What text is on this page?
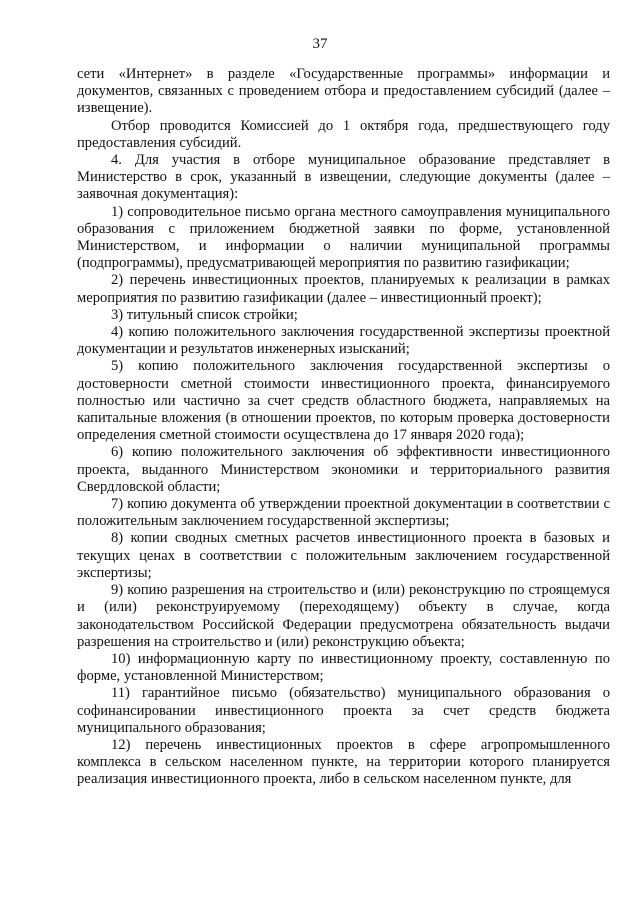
37

сети «Интернет» в разделе «Государственные программы» информации и документов, связанных с проведением отбора и предоставлением субсидий (далее – извещение).

Отбор проводится Комиссией до 1 октября года, предшествующего году предоставления субсидий.

4. Для участия в отборе муниципальное образование представляет в Министерство в срок, указанный в извещении, следующие документы (далее – заявочная документация):

1) сопроводительное письмо органа местного самоуправления муниципального образования с приложением бюджетной заявки по форме, установленной Министерством, и информации о наличии муниципальной программы (подпрограммы), предусматривающей мероприятия по развитию газификации;

2) перечень инвестиционных проектов, планируемых к реализации в рамках мероприятия по развитию газификации (далее – инвестиционный проект);

3) титульный список стройки;

4) копию положительного заключения государственной экспертизы проектной документации и результатов инженерных изысканий;

5) копию положительного заключения государственной экспертизы о достоверности сметной стоимости инвестиционного проекта, финансируемого полностью или частично за счет средств областного бюджета, направляемых на капитальные вложения (в отношении проектов, по которым проверка достоверности определения сметной стоимости осуществлена до 17 января 2020 года);

6) копию положительного заключения об эффективности инвестиционного проекта, выданного Министерством экономики и территориального развития Свердловской области;

7) копию документа об утверждении проектной документации в соответствии с положительным заключением государственной экспертизы;

8) копии сводных сметных расчетов инвестиционного проекта в базовых и текущих ценах в соответствии с положительным заключением государственной экспертизы;

9) копию разрешения на строительство и (или) реконструкцию по строящемуся и (или) реконструируемому (переходящему) объекту в случае, когда законодательством Российской Федерации предусмотрена обязательность выдачи разрешения на строительство и (или) реконструкцию объекта;

10) информационную карту по инвестиционному проекту, составленную по форме, установленной Министерством;

11) гарантийное письмо (обязательство) муниципального образования о софинансировании инвестиционного проекта за счет средств бюджета муниципального образования;

12) перечень инвестиционных проектов в сфере агропромышленного комплекса в сельском населенном пункте, на территории которого планируется реализация инвестиционного проекта, либо в сельском населенном пункте, для
